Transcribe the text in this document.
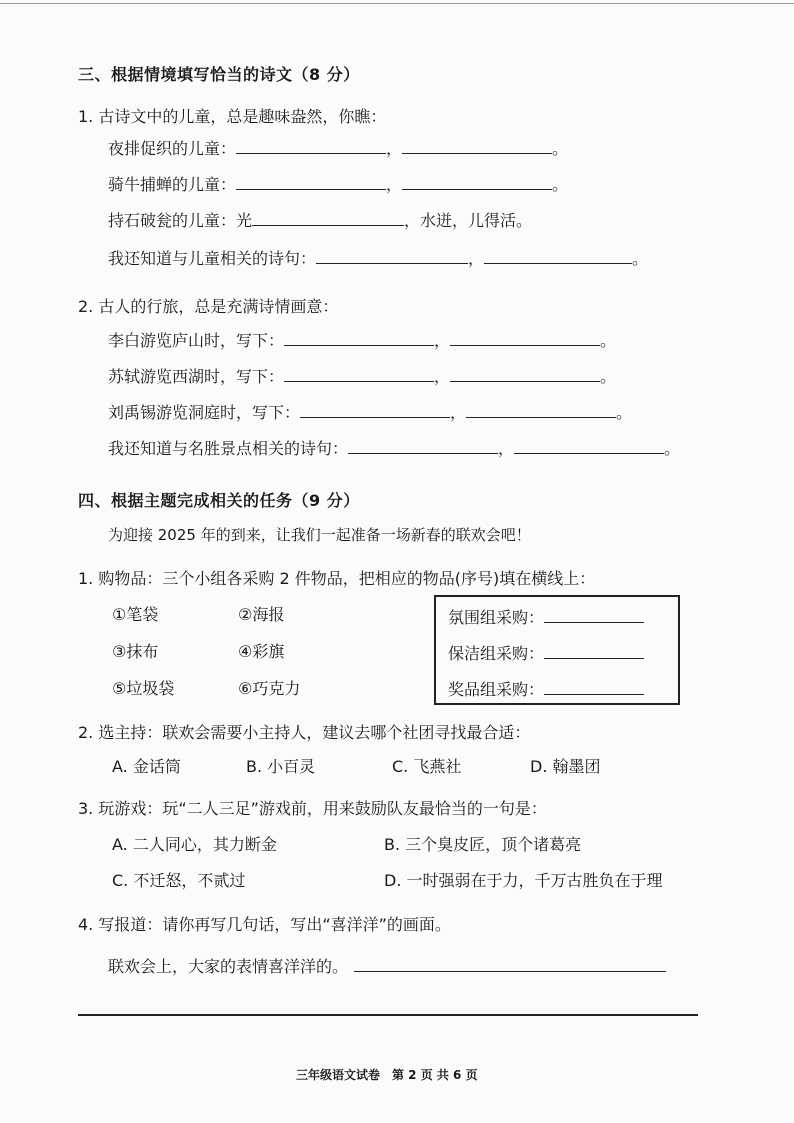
三、根据情境填写恰当的诗文（8 分）
1. 古诗文中的儿童，总是趣味盎然，你瞧：
夜排促织的儿童：	，	。
骑牛捕蝉的儿童：	，	。
持石破瓮的儿童：光	，水迸，儿得活。
我还知道与儿童相关的诗句：	，	。
2. 古人的行旅，总是充满诗情画意：
李白游览庐山时，写下：	，	。
苏轼游览西湖时，写下：	，	。
刘禹锡游览洞庭时，写下：	，	。
我还知道与名胜景点相关的诗句：	，	。
四、根据主题完成相关的任务（9 分）
为迎接 2025 年的到来，让我们一起准备一场新春的联欢会吧！
1. 购物品：三个小组各采购 2 件物品，把相应的物品(序号)填在横线上：
①笔袋	②海报
③抹布	④彩旗
⑤垃圾袋	⑥巧克力
氛围组采购：
保洁组采购：
奖品组采购：
2. 选主持：联欢会需要小主持人，建议去哪个社团寻找最合适：
A. 金话筒	B. 小百灵	C. 飞燕社	D. 翰墨团
3. 玩游戏：玩“二人三足”游戏前，用来鼓励队友最恰当的一句是：
A. 二人同心，其力断金	B. 三个臭皮匠，顶个诸葛亮
C. 不迁怒，不贰过	D. 一时强弱在于力，千万古胜负在于理
4. 写报道：请你再写几句话，写出“喜洋洋”的画面。
联欢会上，大家的表情喜洋洋的。
三年级语文试卷　第 2 页 共 6 页
